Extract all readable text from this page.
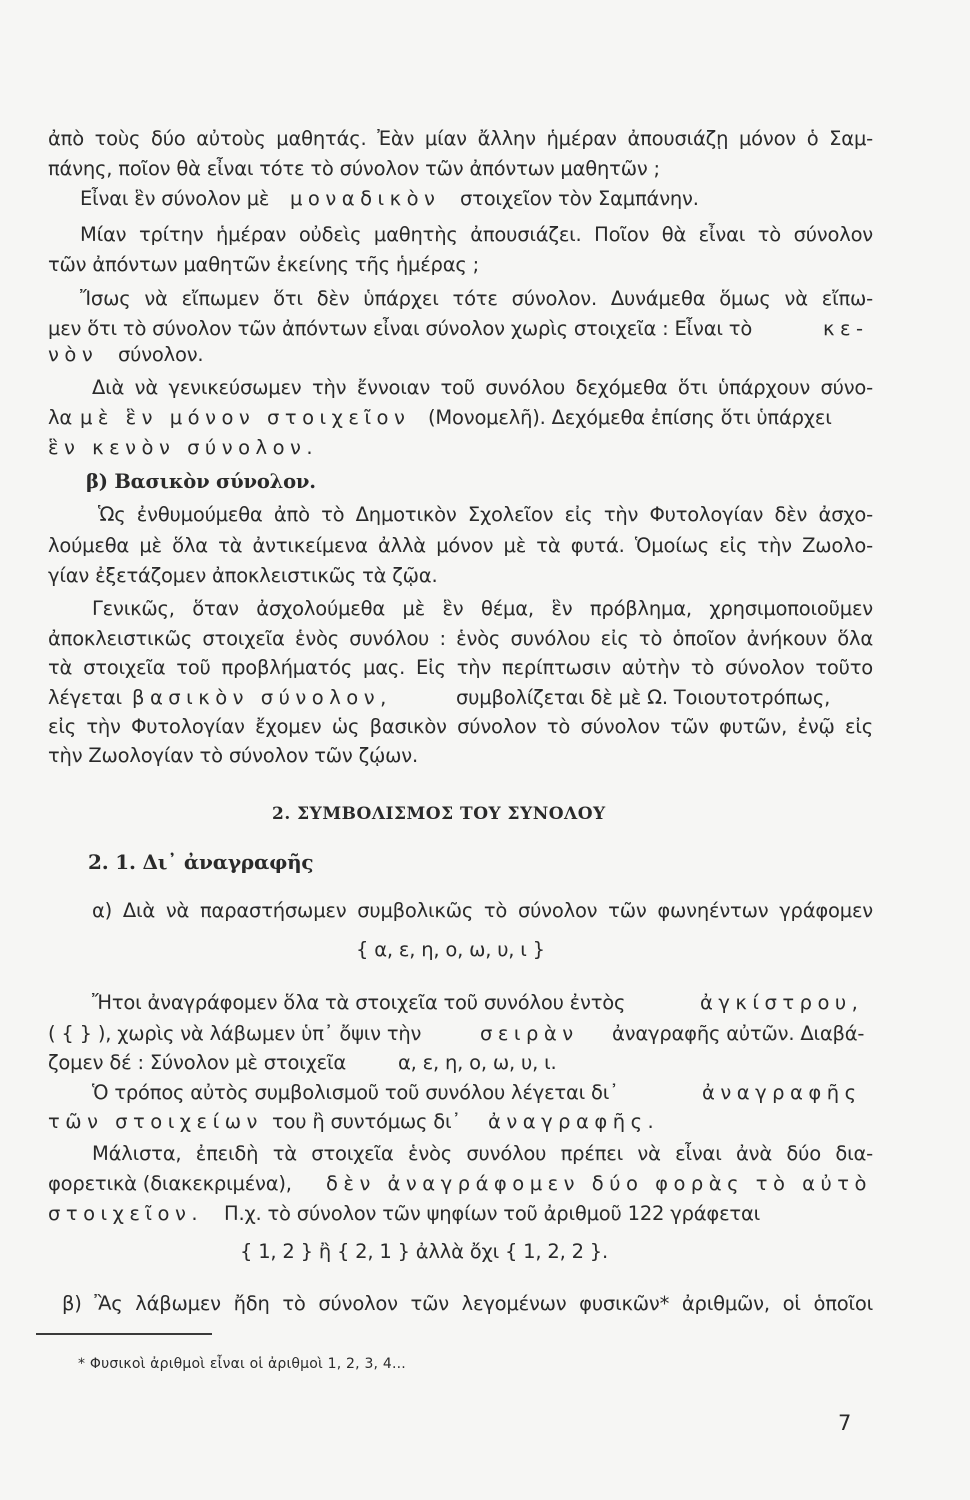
ἀπὸ τοὺς δύο αὐτοὺς μαθητάς. Ἐὰν μίαν ἄλλην ἡμέραν ἀπουσιάζῃ μόνον ὁ Σαμ-
πάνης, ποῖον θὰ εἶναι τότε τὸ σύνολον τῶν ἀπόντων μαθητῶν ;
Εἶναι ἓν σύνολον μὲ μοναδικὸν στοιχεῖον τὸν Σαμπάνην.
Μίαν τρίτην ἡμέραν οὐδεὶς μαθητὴς ἀπουσιάζει. Ποῖον θὰ εἶναι τὸ σύνολον
τῶν ἀπόντων μαθητῶν ἐκείνης τῆς ἡμέρας ;
Ἴσως νὰ εἴπωμεν ὅτι δὲν ὑπάρχει τότε σύνολον. Δυνάμεθα ὅμως νὰ εἴπω-
μεν ὅτι τὸ σύνολον τῶν ἀπόντων εἶναι σύνολον χωρὶς στοιχεῖα : Εἶναι τὸ	κε-
νὸν σύνολον.
Διὰ νὰ γενικεύσωμεν τὴν ἔννοιαν τοῦ συνόλου δεχόμεθα ὅτι ὑπάρχουν σύνο-
λα μὲ ἓν μόνον στοιχεῖον (Μονομελῆ). Δεχόμεθα ἐπίσης ὅτι ὑπάρχει
ἓν κενὸν σύνολον.
β) Βασικὸν σύνολον.
Ὡς ἐνθυμούμεθα ἀπὸ τὸ Δημοτικὸν Σχολεῖον εἰς τὴν Φυτολογίαν δὲν ἀσχο-
λούμεθα μὲ ὅλα τὰ ἀντικείμενα ἀλλὰ μόνον μὲ τὰ φυτά. Ὁμοίως εἰς τὴν Ζωολο-
γίαν ἐξετάζομεν ἀποκλειστικῶς τὰ ζῷα.
Γενικῶς, ὅταν ἀσχολούμεθα μὲ ἓν θέμα, ἓν πρόβλημα, χρησιμοποιοῦμεν
ἀποκλειστικῶς στοιχεῖα ἑνὸς συνόλου : ἑνὸς συνόλου εἰς τὸ ὁποῖον ἀνήκουν ὅλα
τὰ στοιχεῖα τοῦ προβλήματός μας. Εἰς τὴν περίπτωσιν αὐτὴν τὸ σύνολον τοῦτο
λέγεται βασικὸν σύνολον,	συμβολίζεται δὲ μὲ Ω. Τοιουτοτρόπως,
εἰς τὴν Φυτολογίαν ἔχομεν ὡς βασικὸν σύνολον τὸ σύνολον τῶν φυτῶν, ἐνῷ εἰς
τὴν Ζωολογίαν τὸ σύνολον τῶν ζῴων.
2. ΣΥΜΒΟΛΙΣΜΟΣ ΤΟΥ ΣΥΝΟΛΟΥ
2. 1. Δι᾿ ἀναγραφῆς
α) Διὰ νὰ παραστήσωμεν συμβολικῶς τὸ σύνολον τῶν φωνηέντων γράφομεν
{ α, ε, η, ο, ω, υ, ι }
Ἤτοι ἀναγράφομεν ὅλα τὰ στοιχεῖα τοῦ συνόλου ἐντὸς	ἀγκίστρου,
( { } ), χωρὶς νὰ λάβωμεν ὑπ᾿ ὄψιν τὴν	σειρὰν ἀναγραφῆς αὐτῶν. Διαβά-
ζομεν δέ : Σύνολον μὲ στοιχεῖα	α, ε, η, ο, ω, υ, ι.
Ὁ τρόπος αὐτὸς συμβολισμοῦ τοῦ συνόλου λέγεται δι᾿	ἀναγραφῆς
τῶν στοιχείων του ἢ συντόμως δι᾿ ἀναγραφῆς.
Μάλιστα, ἐπειδὴ τὰ στοιχεῖα ἑνὸς συνόλου πρέπει νὰ εἶναι ἀνὰ δύο δια-
φορετικὰ (διακεκριμένα), δὲν ἀναγράφομεν δύο φορὰς τὸ αὐτὸ
στοιχεῖον. Π.χ. τὸ σύνολον τῶν ψηφίων τοῦ ἀριθμοῦ 122 γράφεται
{ 1, 2 } ἢ { 2, 1 } ἀλλὰ ὄχι { 1, 2, 2 }.
β) Ἂς λάβωμεν ἤδη τὸ σύνολον τῶν λεγομένων φυσικῶν* ἀριθμῶν, οἱ ὁποῖοι
* Φυσικοὶ ἀριθμοὶ εἶναι οἱ ἀριθμοὶ 1, 2, 3, 4...
7
